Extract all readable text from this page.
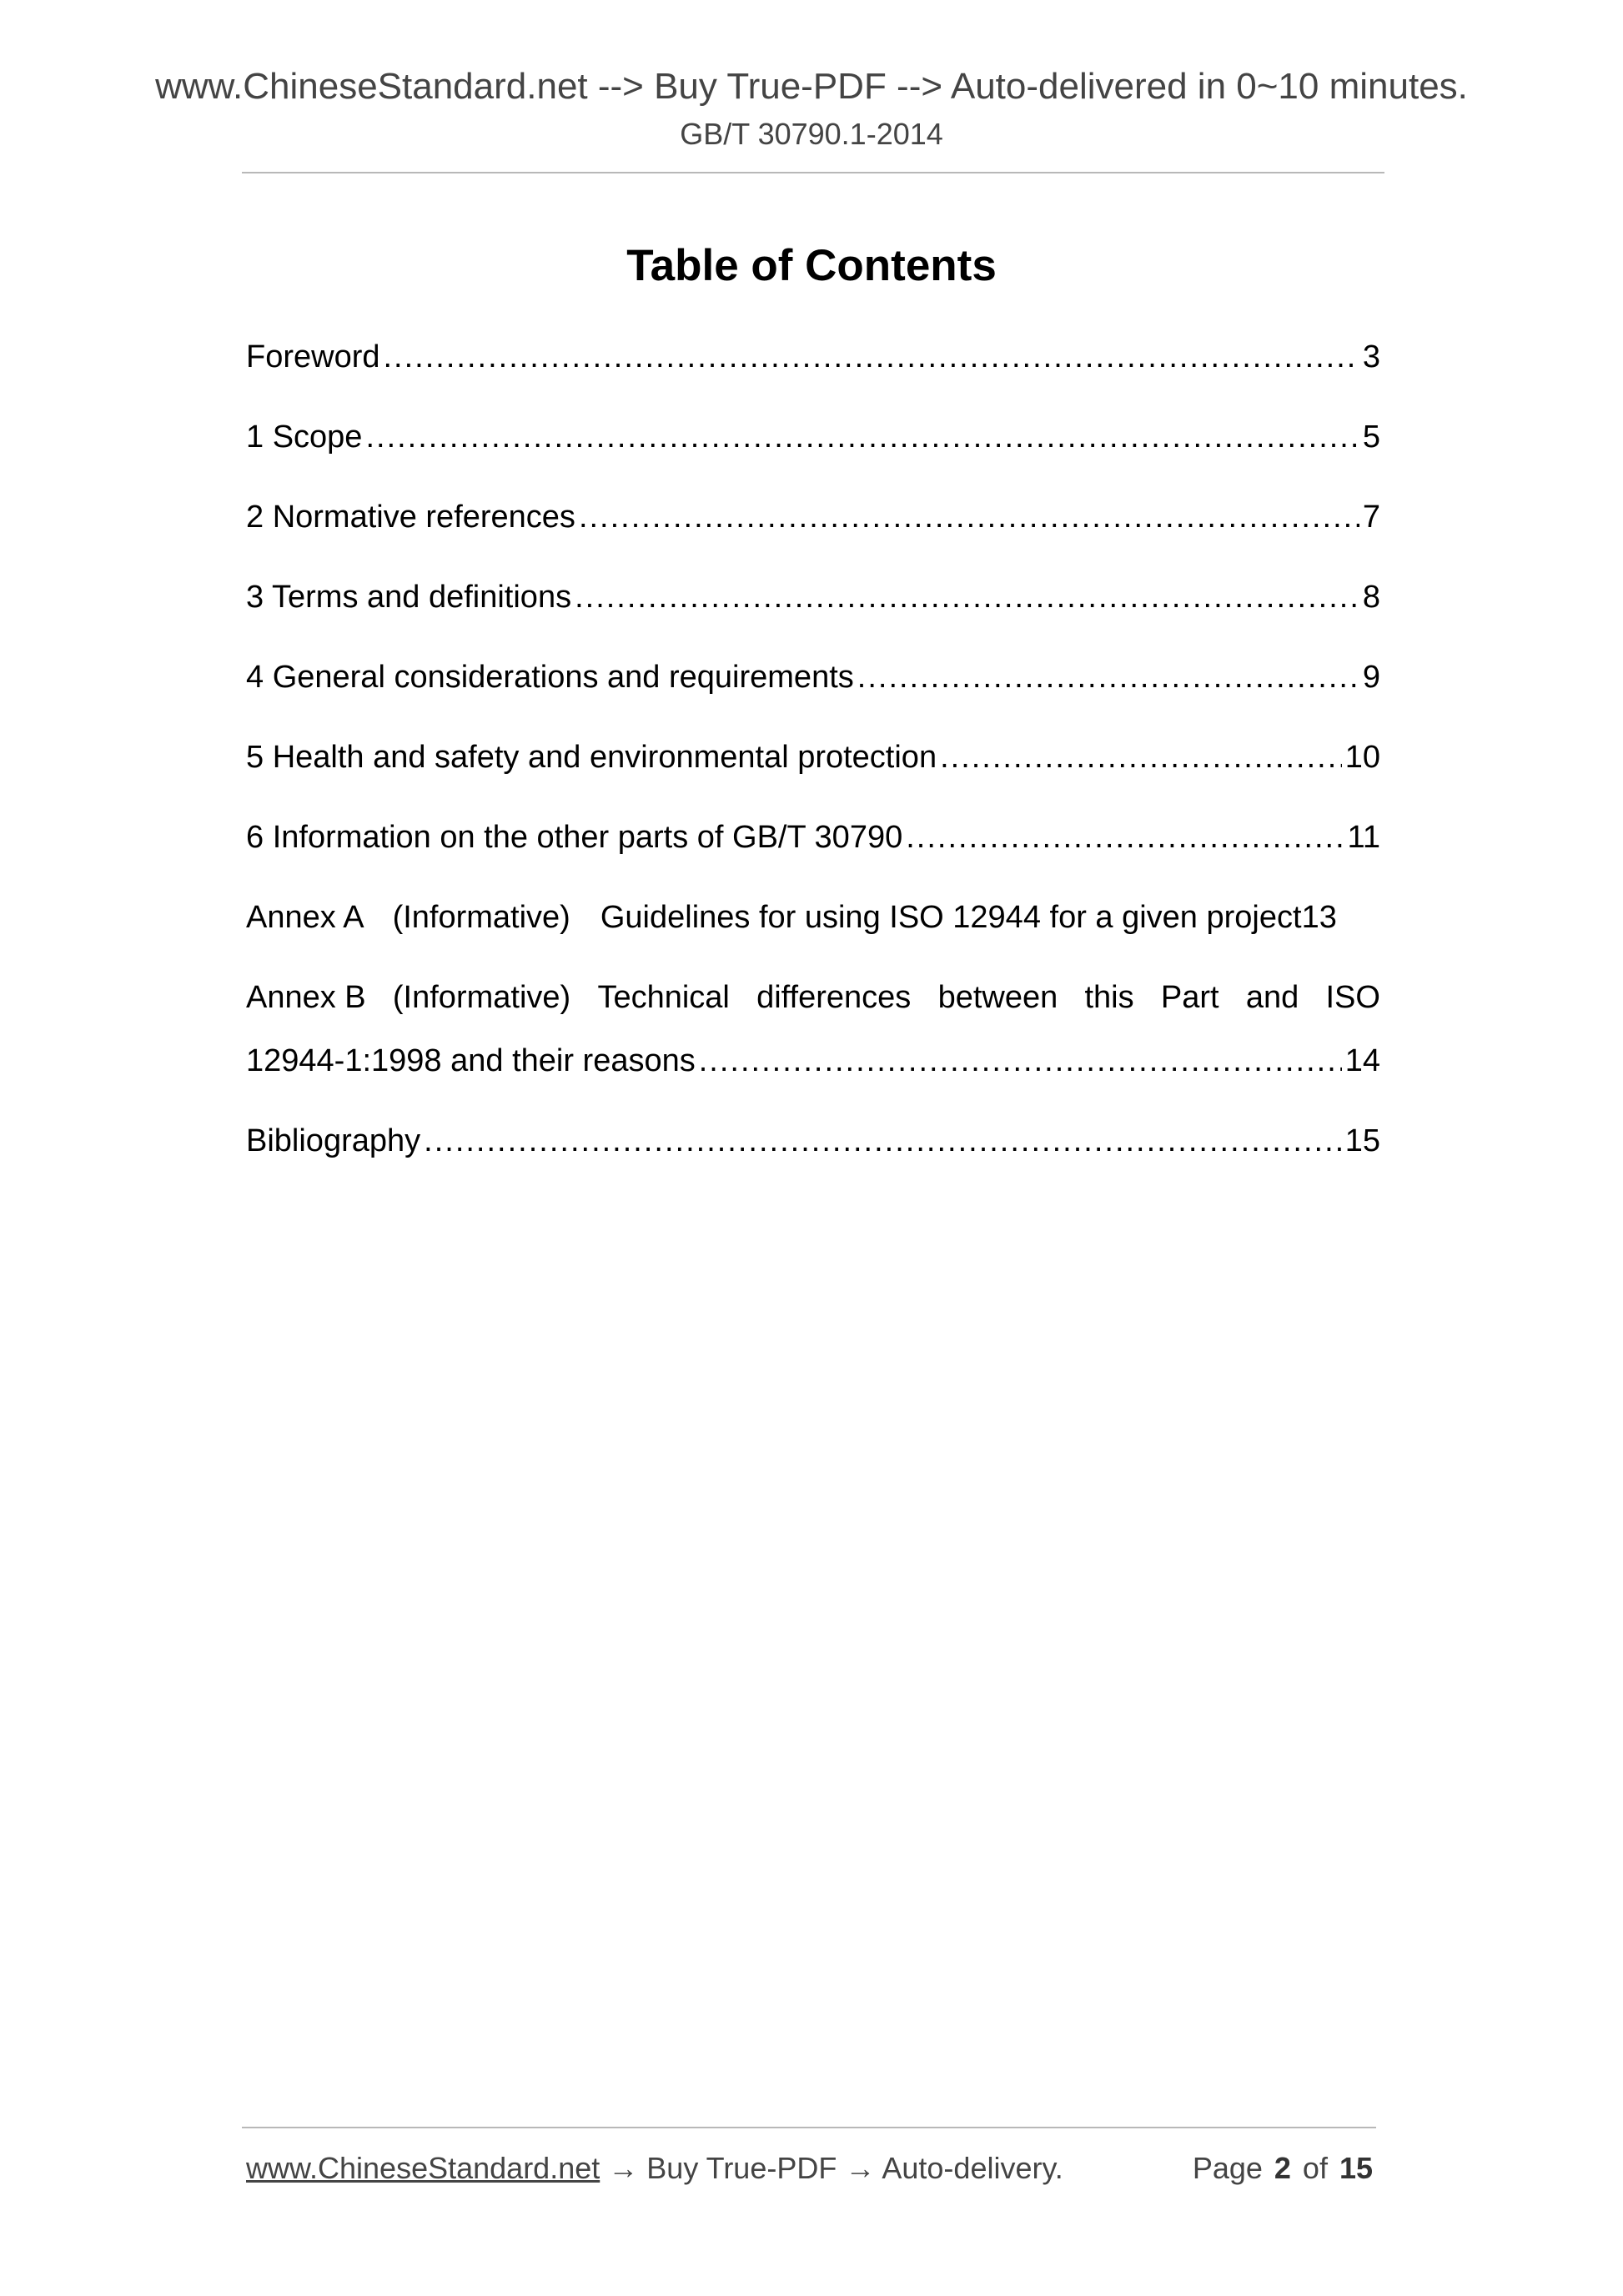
www.ChineseStandard.net --> Buy True-PDF --> Auto-delivered in 0~10 minutes.
GB/T 30790.1-2014
Table of Contents
Foreword .....	3
1 Scope .....	5
2 Normative references .....	7
3 Terms and definitions .....	8
4 General considerations and requirements .....	9
5 Health and safety and environmental protection .....	10
6 Information on the other parts of GB/T 30790 .....	11
Annex A (Informative) Guidelines for using ISO 12944 for a given project 13
Annex B (Informative) Technical differences between this Part and ISO
12944-1:1998 and their reasons .....	14
Bibliography .....	15
www.ChineseStandard.net → Buy True-PDF → Auto-delivery.	Page 2 of 15
